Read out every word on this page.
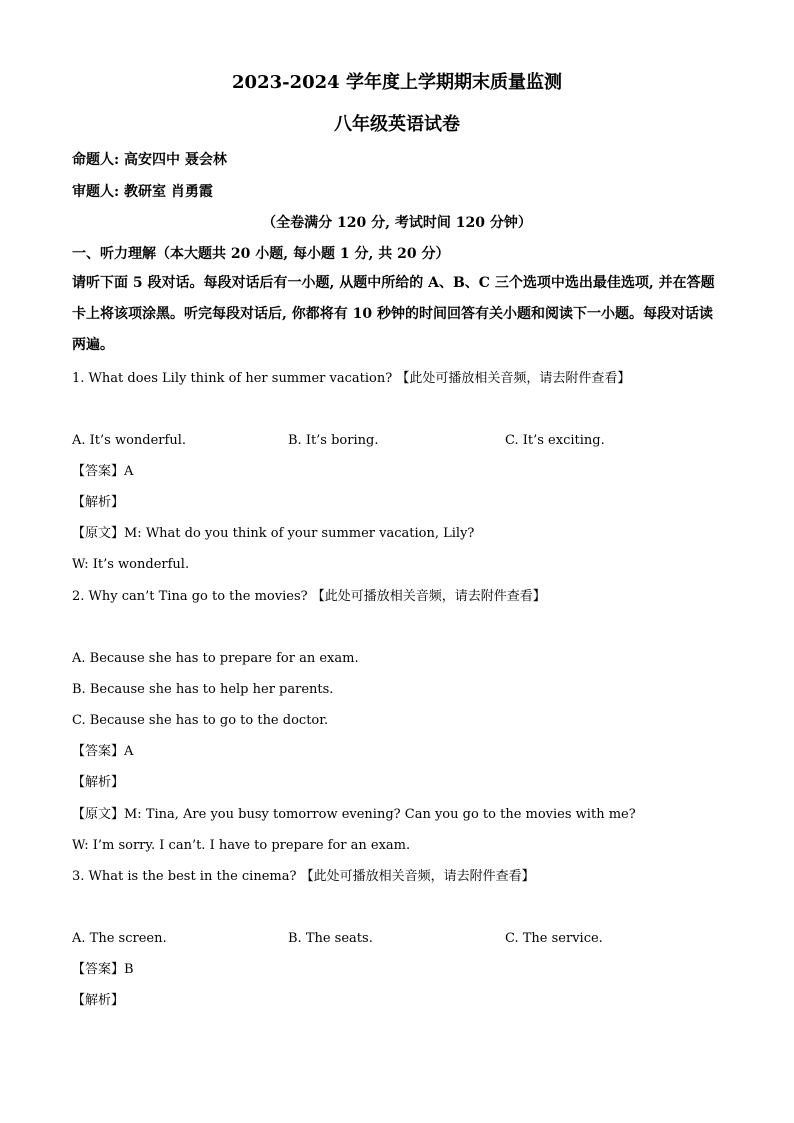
2023-2024 学年度上学期期末质量监测
八年级英语试卷
命题人: 高安四中 聂会林
审题人: 教研室 肖勇霞
（全卷满分 120 分, 考试时间 120 分钟）
一、听力理解（本大题共 20 小题, 每小题 1 分, 共 20 分）
请听下面 5 段对话。每段对话后有一小题, 从题中所给的 A、B、C 三个选项中选出最佳选项, 并在答题卡上将该项涂黑。听完每段对话后, 你都将有 10 秒钟的时间回答有关小题和阅读下一小题。每段对话读两遍。
1. What does Lily think of her summer vacation? 【此处可播放相关音频，请去附件查看】
A. It’s wonderful.	B. It’s boring.	C. It’s exciting.
【答案】A
【解析】
【原文】M: What do you think of your summer vacation, Lily?
W: It’s wonderful.
2. Why can’t Tina go to the movies? 【此处可播放相关音频，请去附件查看】
A. Because she has to prepare for an exam.
B. Because she has to help her parents.
C. Because she has to go to the doctor.
【答案】A
【解析】
【原文】M: Tina, Are you busy tomorrow evening? Can you go to the movies with me?
W: I’m sorry. I can’t. I have to prepare for an exam.
3. What is the best in the cinema? 【此处可播放相关音频，请去附件查看】
A. The screen.	B. The seats.	C. The service.
【答案】B
【解析】
